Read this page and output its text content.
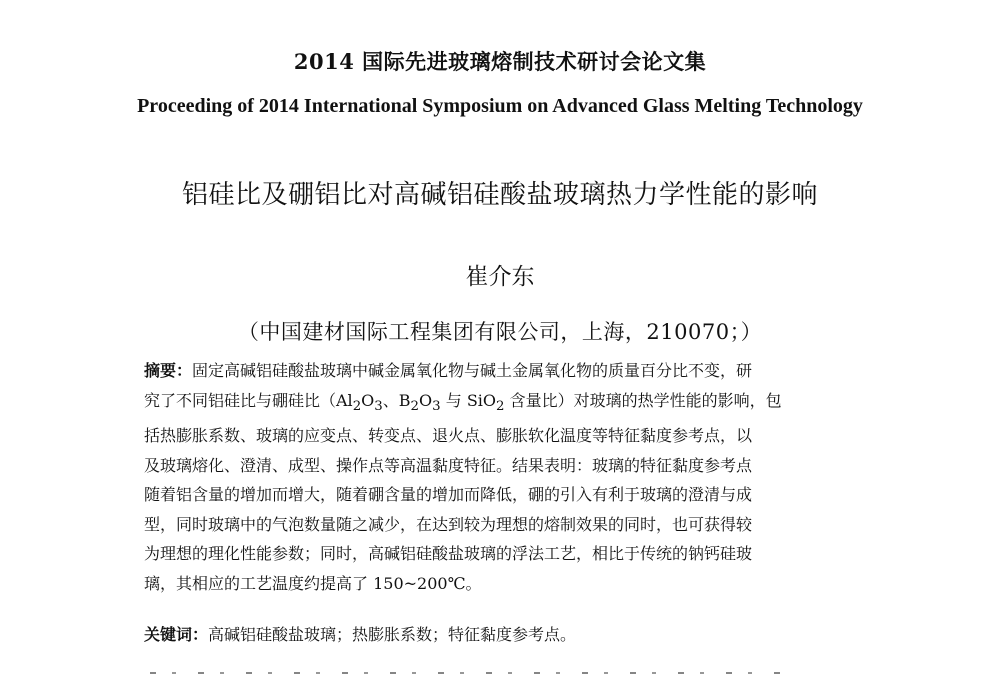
2014 国际先进玻璃熔制技术研讨会论文集
Proceeding of 2014 International Symposium on Advanced Glass Melting Technology
铝硅比及硼铝比对高碱铝硅酸盐玻璃热力学性能的影响
崔介东
（中国建材国际工程集团有限公司，上海，210070；）
摘要：固定高碱铝硅酸盐玻璃中碱金属氧化物与碱土金属氧化物的质量百分比不变，研
究了不同铝硅比与硼硅比（$Al_2O_3$、$B_2O_3$ 与 SiO$_2$ 含量比）对玻璃的热学性能的影响，包
括热膨胀系数、玻璃的应变点、转变点、退火点、膨胀软化温度等特征黏度参考点，以
及玻璃熔化、澄清、成型、操作点等高温黏度特征。结果表明：玻璃的特征黏度参考点
随着铝含量的增加而增大，随着硼含量的增加而降低，硼的引入有利于玻璃的澄清与成
型，同时玻璃中的气泡数量随之减少，在达到较为理想的熔制效果的同时，也可获得较
为理想的理化性能参数；同时，高碱铝硅酸盐玻璃的浮法工艺，相比于传统的钠钙硅玻
璃，其相应的工艺温度约提高了 150~200℃。
关键词：高碱铝硅酸盐玻璃；热膨胀系数；特征黏度参考点。
